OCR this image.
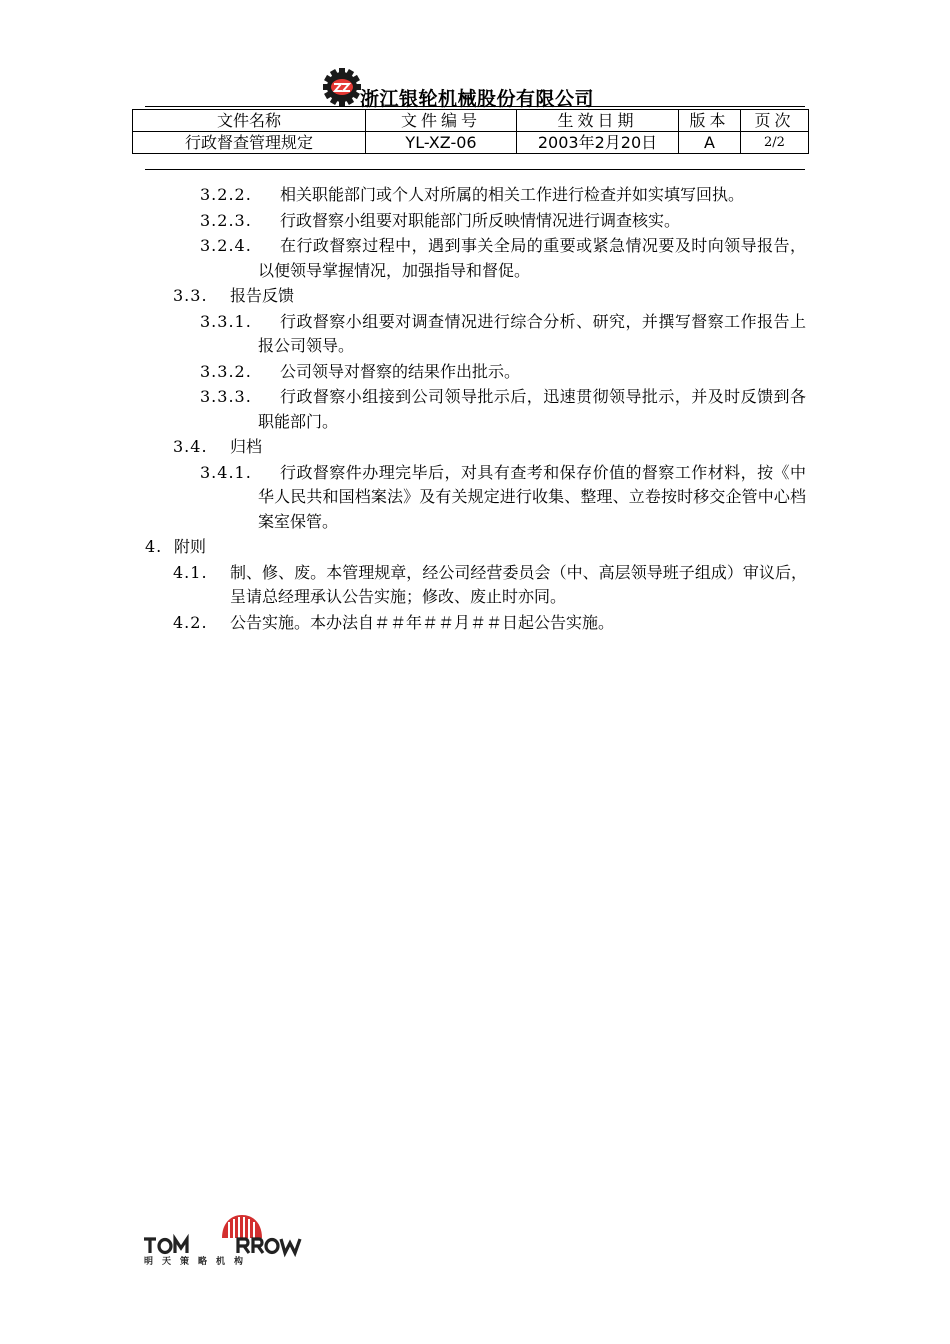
浙江银轮机械股份有限公司
文件名称	文件编号	生效日期	版本	页次
行政督查管理规定	YL-XZ-06	2003年2月20日	A	2/2
3.2.2.	相关职能部门或个人对所属的相关工作进行检查并如实填写回执。
3.2.3.	行政督察小组要对职能部门所反映情情况进行调查核实。
3.2.4.	在行政督察过程中，遇到事关全局的重要或紧急情况要及时向领导报告，以便领导掌握情况，加强指导和督促。
3.3. 报告反馈
3.3.1.	行政督察小组要对调查情况进行综合分析、研究，并撰写督察工作报告上报公司领导。
3.3.2.	公司领导对督察的结果作出批示。
3.3.3.	行政督察小组接到公司领导批示后，迅速贯彻领导批示，并及时反馈到各职能部门。
3.4. 归档
3.4.1.	行政督察件办理完毕后，对具有查考和保存价值的督察工作材料，按《中华人民共和国档案法》及有关规定进行收集、整理、立卷按时移交企管中心档案室保管。
4. 附则
4.1. 制、修、废。本管理规章，经公司经营委员会（中、高层领导班子组成）审议后，呈请总经理承认公告实施；修改、废止时亦同。
4.2. 公告实施。本办法自＃＃年＃＃月＃＃日起公告实施。
明天策略机构
